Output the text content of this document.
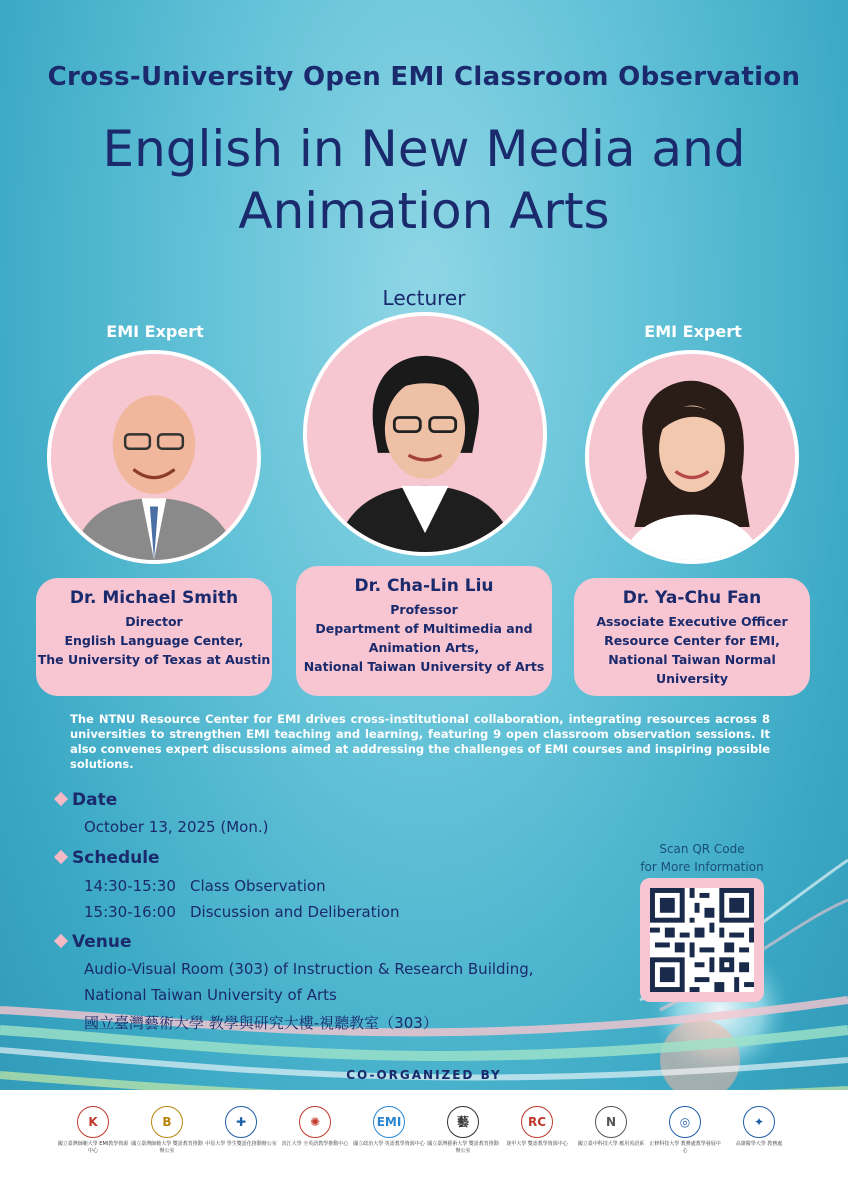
Cross-University Open EMI Classroom Observation
English in New Media and
Animation Arts
EMI Expert
Dr. Michael Smith
Director
English Language Center,
The University of Texas at Austin
Lecturer
Dr. Cha-Lin Liu
Professor
Department of Multimedia and
Animation Arts,
National Taiwan University of Arts
EMI Expert
Dr. Ya-Chu Fan
Associate Executive Officer
Resource Center for EMI,
National Taiwan Normal University
The NTNU Resource Center for EMI drives cross-institutional collaboration, integrating resources across 8 universities to strengthen EMI teaching and learning, featuring 9 open classroom observation sessions. It also convenes expert discussions aimed at addressing the challenges of EMI courses and inspiring possible solutions.
Date
October 13, 2025 (Mon.)
Schedule
14:30-15:30 Class Observation
15:30-16:00 Discussion and Deliberation
Venue
Audio-Visual Room (303) of Instruction & Research Building,
National Taiwan University of Arts
國立臺灣藝術大學 教學與研究大樓-視聽教室（303）
Scan QR Code
for More Information
CO-ORGANIZED BY
K
國立臺灣師範大學 EMI教學資源中心
B
國立臺灣師範大學 雙語教育推動辦公室
✚
中原大學 學生雙語化推動辦公室
✺
淡江大學 全英語教學推動中心
EMI
國立政治大學 英語教學資源中心
藝
國立臺灣藝術大學 雙語教育推動辦公室
RC
逢甲大學 雙語教學資源中心
N
國立臺中科技大學 應用英語系
◎
正修科技大學 教務處教學發展中心
✦
高雄醫學大學 教務處
